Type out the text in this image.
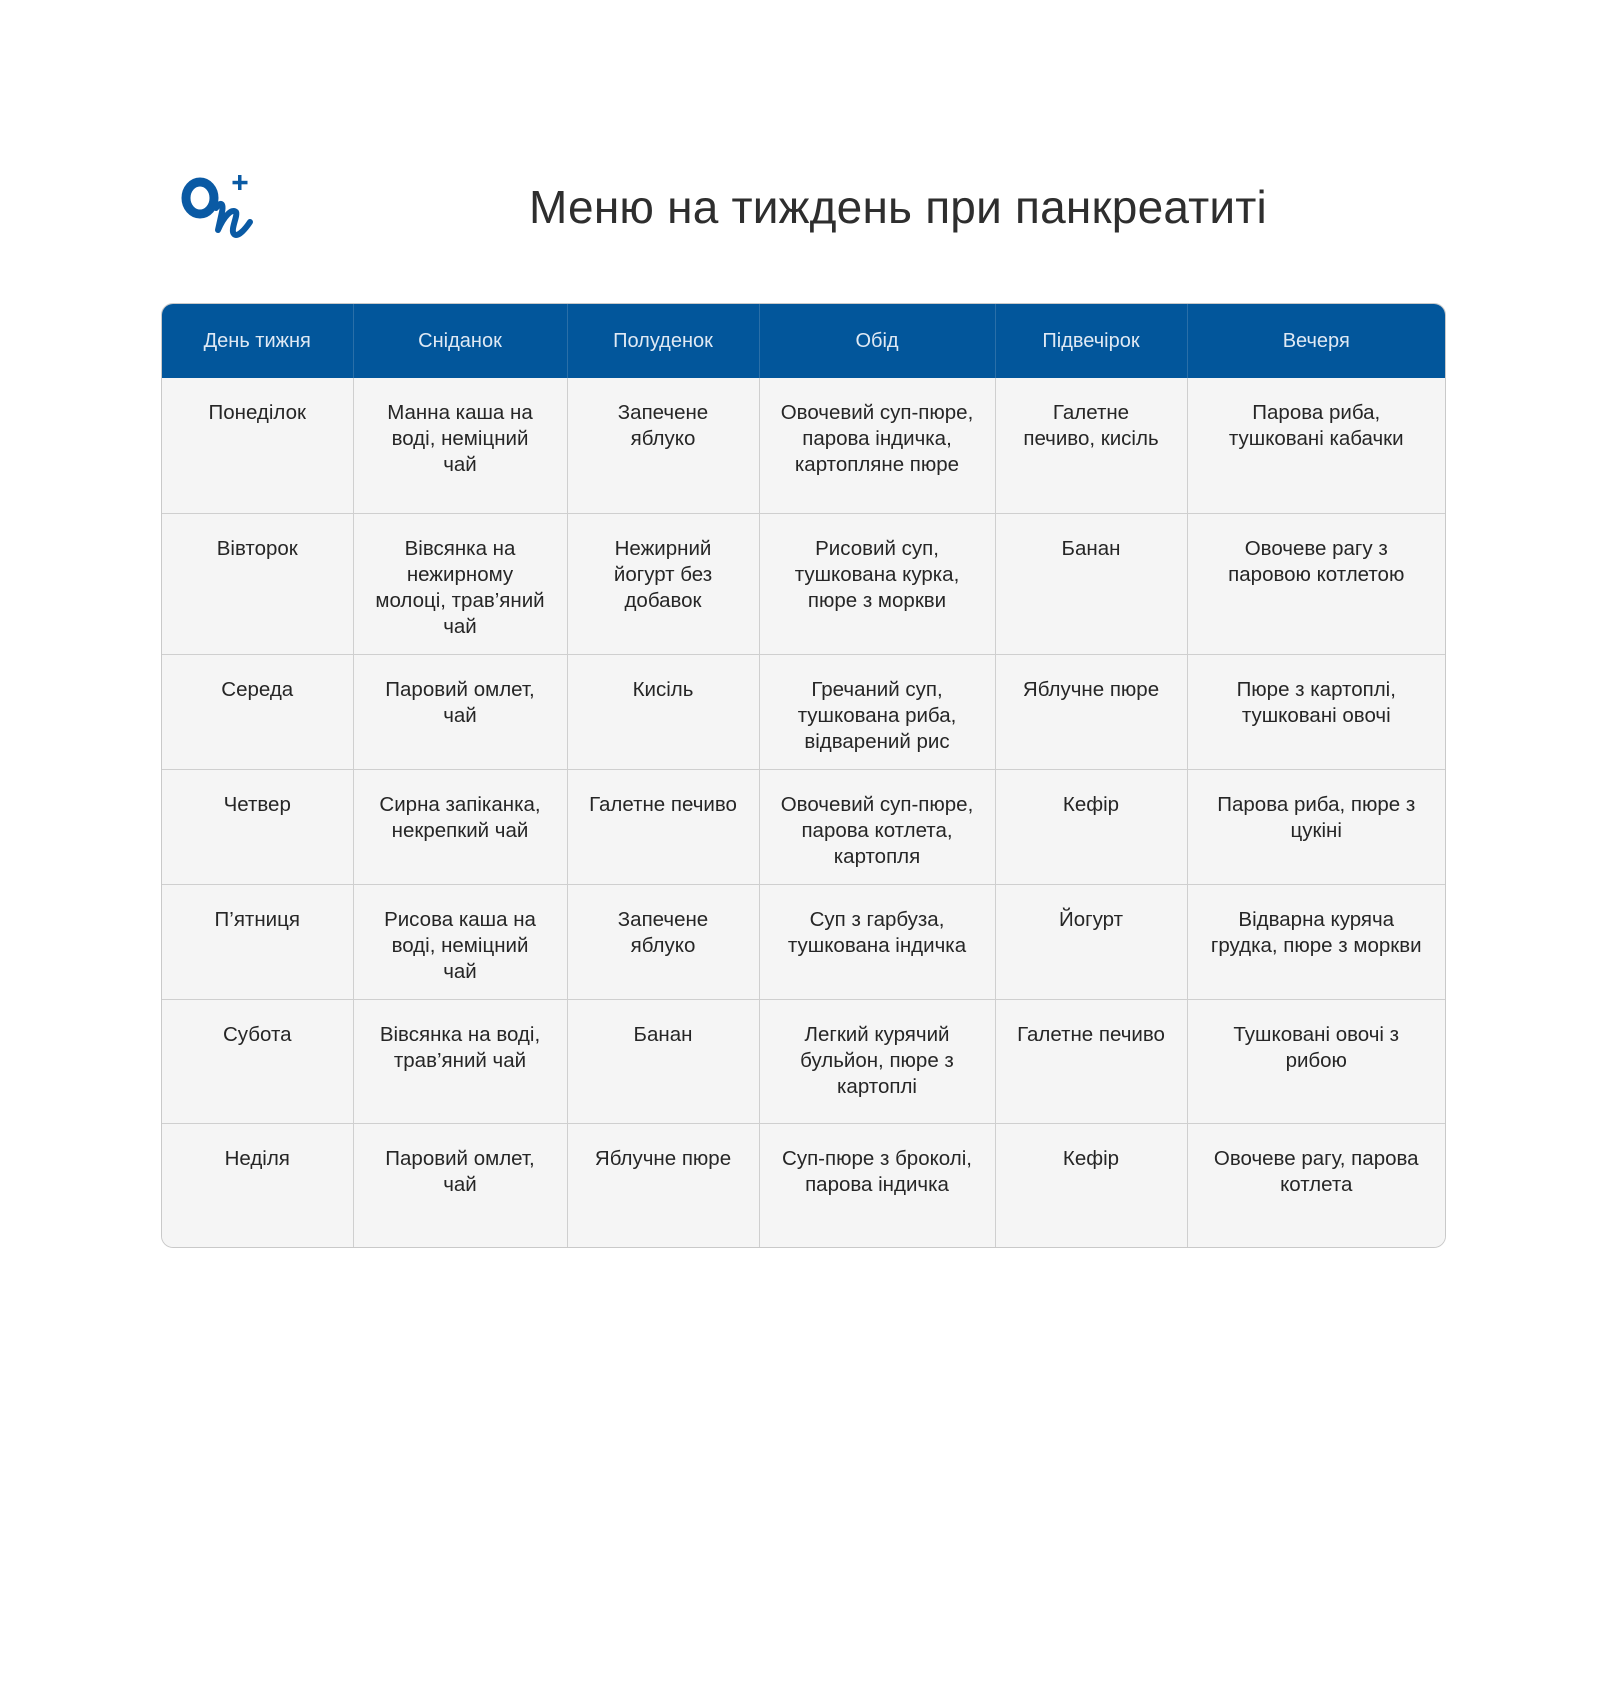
Меню на тиждень при панкреатиті
День тижня	Сніданок	Полуденок	Обід	Підвечірок	Вечеря

Понеділок	Манна каша на воді, неміцний чай	Запечене яблуко	Овочевий суп-пюре, парова індичка, картопляне пюре	Галетне печиво, кисіль	Парова риба, тушковані кабачки

Вівторок	Вівсянка на нежирному молоці, трав’яний чай	Нежирний йогурт без добавок	Рисовий суп, тушкована курка, пюре з моркви	Банан	Овочеве рагу з паровою котлетою

Середа	Паровий омлет, чай	Кисіль	Гречаний суп, тушкована риба, відварений рис	Яблучне пюре	Пюре з картоплі, тушковані овочі

Четвер	Сирна запіканка, некрепкий чай	Галетне печиво	Овочевий суп-пюре, парова котлета, картопля	Кефір	Парова риба, пюре з цукіні

П’ятниця	Рисова каша на воді, неміцний чай	Запечене яблуко	Суп з гарбуза, тушкована індичка	Йогурт	Відварна куряча грудка, пюре з моркви

Субота	Вівсянка на воді, трав’яний чай	Банан	Легкий курячий бульйон, пюре з картоплі	Галетне печиво	Тушковані овочі з рибою

Неділя	Паровий омлет, чай	Яблучне пюре	Суп-пюре з броколі, парова індичка	Кефір	Овочеве рагу, парова котлета
